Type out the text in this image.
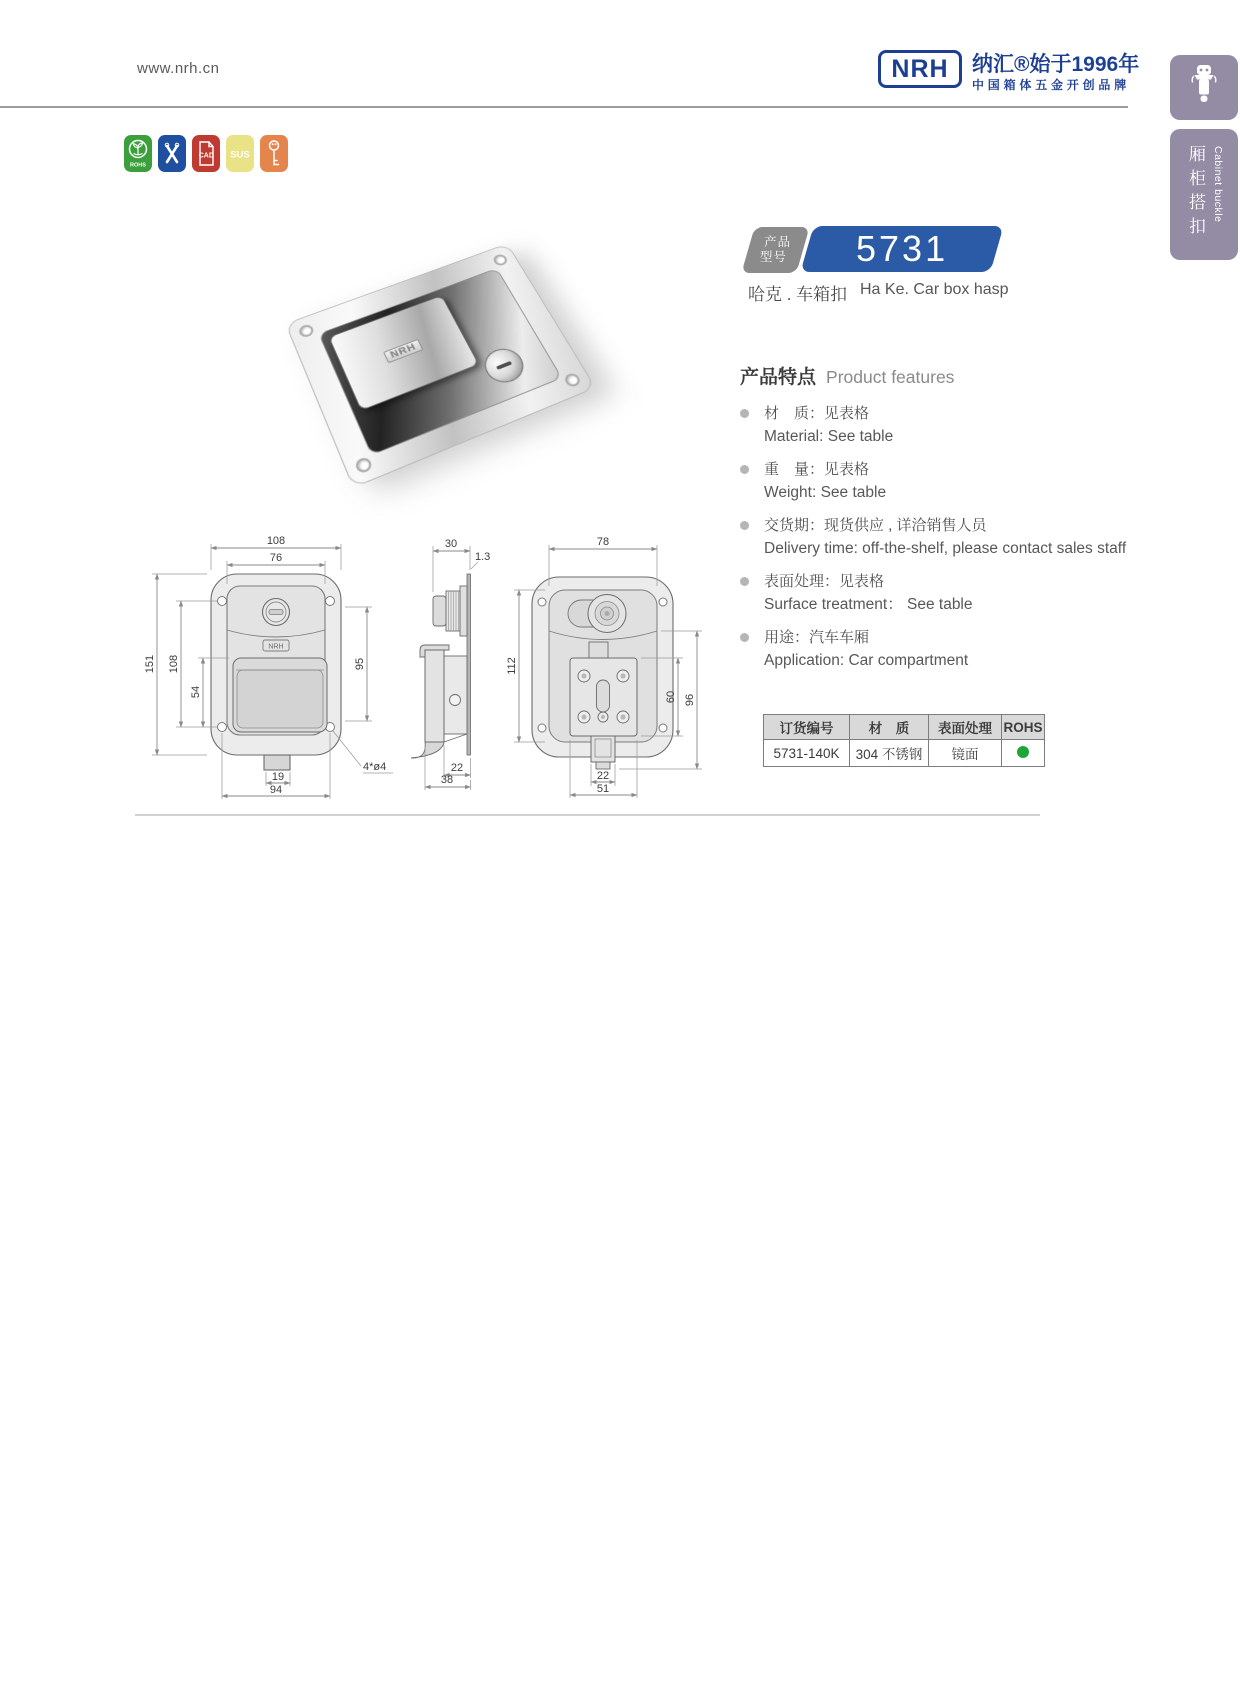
www.nrh.cn	NRH	纳汇®始于1996年
中国箱体五金开创品牌
厢柜搭扣 Cabinet buckle
ROHS
CAD SUS
NRH
产品
型号 5731
哈克 . 车箱扣 Ha Ke. Car box hasp
产品特点 Product features
材　质：见表格
Material: See table
重　量：见表格
Weight: See table
交货期：现货供应 , 详洽销售人员
Delivery time: off-the-shelf, please contact sales staff
表面处理：见表格
Surface treatment： See table
用途：汽车车厢
Application: Car compartment
订货编号	材　质	表面处理	ROHS
5731-140K	304 不锈钢	镜面	
NRH
108
76
151 108
54
95
19
94
4*ø4
30
1.3
22
38
78
112
60 96
22
51
